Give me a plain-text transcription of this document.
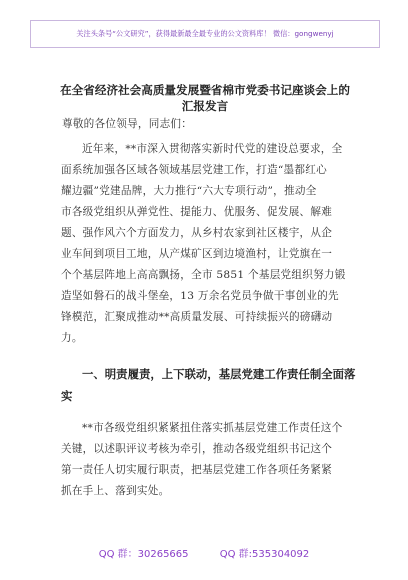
关注头条号“公文研究”，获得最新最全最专业的公文资料库！ 微信：gongwenyj
在全省经济社会高质量发展暨省棉市党委书记座谈会上的
汇报发言
尊敬的各位领导，同志们：
近年来，**市深入贯彻落实新时代党的建设总要求，全
面系统加强各区域各领域基层党建工作，打造“墨都红心
耀边疆”党建品牌，大力推行“六大专项行动”，推动全
市各级党组织从弹党性、提能力、优服务、促发展、解难
题、强作风六个方面发力，从乡村农家到社区楼宇，从企
业车间到项目工地，从产煤矿区到边境渔村，让党旗在一
个个基层阵地上高高飘扬，全市 5851 个基层党组织努力锻
造坚如磐石的战斗堡垒，13 万余名党员争做干事创业的先
锋模范，汇聚成推动**高质量发展、可持续振兴的磅礴动
力。
一、明责履责，上下联动，基层党建工作责任制全面落
实
**市各级党组织紧紧扭住落实抓基层党建工作责任这个
关键，以述职评议考核为牵引，推动各级党组织书记这个
第一责任人切实履行职责，把基层党建工作各项任务紧紧
抓在手上、落到实处。
QQ 群：30265665	QQ 群:535304092
